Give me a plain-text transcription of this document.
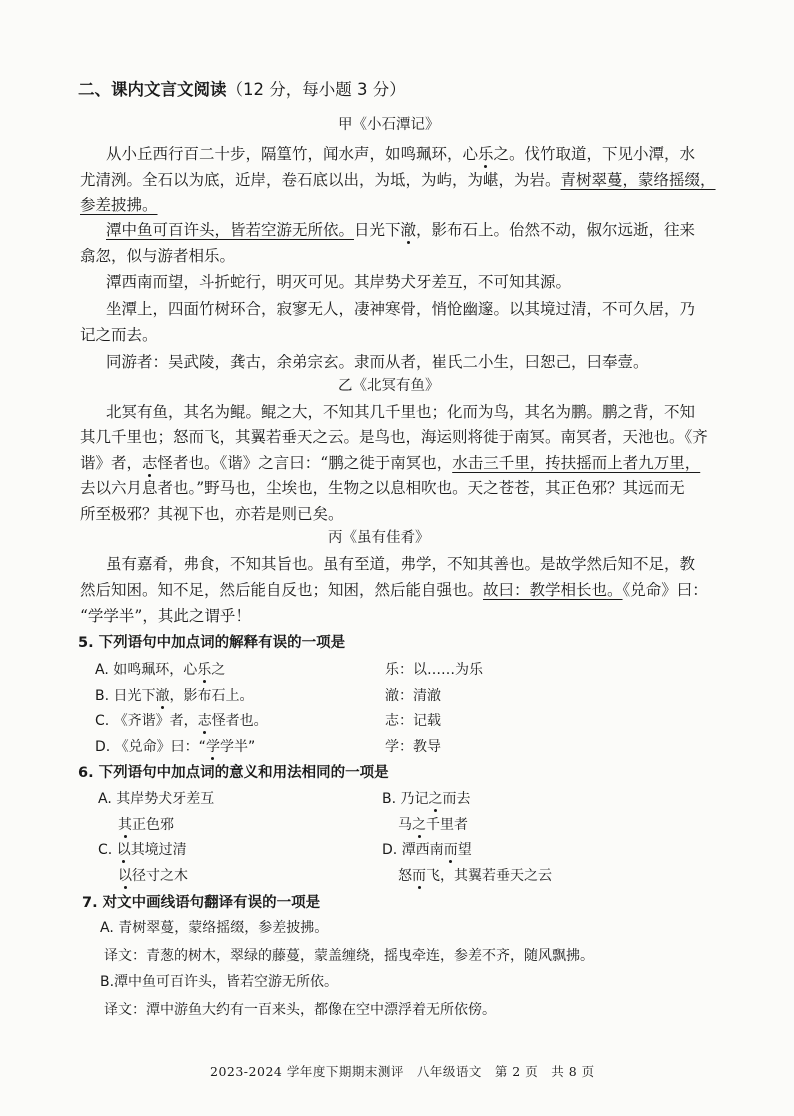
二、课内文言文阅读（12 分，每小题 3 分）
甲《小石潭记》
从小丘西行百二十步，隔篁竹，闻水声，如鸣珮环，心乐之。伐竹取道，下见小潭，水
尤清洌。全石以为底，近岸，卷石底以出，为坻，为屿，为嵁，为岩。青树翠蔓，蒙络摇缀，
参差披拂。
潭中鱼可百许头，皆若空游无所依。日光下澈，影布石上。佁然不动，俶尔远逝，往来
翕忽，似与游者相乐。
潭西南而望，斗折蛇行，明灭可见。其岸势犬牙差互，不可知其源。
坐潭上，四面竹树环合，寂寥无人，凄神寒骨，悄怆幽邃。以其境过清，不可久居，乃
记之而去。
同游者：吴武陵，龚古，余弟宗玄。隶而从者，崔氏二小生，曰恕己，曰奉壹。
乙《北冥有鱼》
北冥有鱼，其名为鲲。鲲之大，不知其几千里也；化而为鸟，其名为鹏。鹏之背，不知
其几千里也；怒而飞，其翼若垂天之云。是鸟也，海运则将徙于南冥。南冥者，天池也。《齐
谐》者，志怪者也。《谐》之言曰：“鹏之徙于南冥也，水击三千里，抟扶摇而上者九万里，
去以六月息者也。”野马也，尘埃也，生物之以息相吹也。天之苍苍，其正色邪？其远而无
所至极邪？其视下也，亦若是则已矣。
丙《虽有佳肴》
虽有嘉肴，弗食，不知其旨也。虽有至道，弗学，不知其善也。是故学然后知不足，教
然后知困。知不足，然后能自反也；知困，然后能自强也。故曰：教学相长也。《兑命》曰：
“学学半”，其此之谓乎！
5. 下列语句中加点词的解释有误的一项是
A. 如鸣珮环，心乐之	乐：以……为乐
B. 日光下澈，影布石上。	澈：清澈
C. 《齐谐》者，志怪者也。	志：记载
D. 《兑命》曰：“学学半”	学：教导
6. 下列语句中加点词的意义和用法相同的一项是
A. 其岸势犬牙差互
其正色邪
B. 乃记之而去
马之千里者
C. 以其境过清
以径寸之木
D. 潭西南而望
怒而飞，其翼若垂天之云
7. 对文中画线语句翻译有误的一项是
A. 青树翠蔓，蒙络摇缀，参差披拂。
译文：青葱的树木，翠绿的藤蔓，蒙盖缠绕，摇曳牵连，参差不齐，随风飘拂。
B.潭中鱼可百许头，皆若空游无所依。
译文：潭中游鱼大约有一百来头，都像在空中漂浮着无所依傍。
2023-2024 学年度下期期末测评　八年级语文　第 2 页　共 8 页
